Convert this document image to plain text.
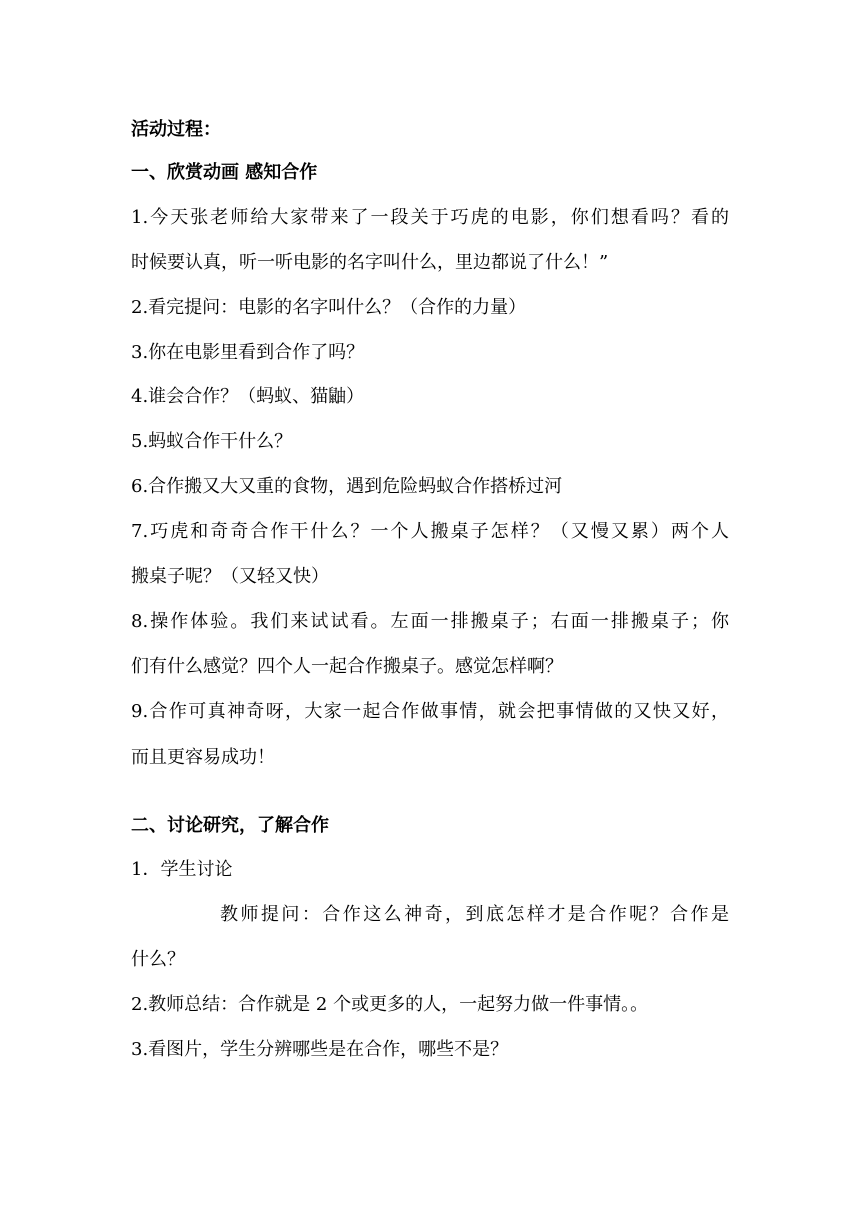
活动过程：
一、欣赏动画 感知合作
1.今天张老师给大家带来了一段关于巧虎的电影，你们想看吗？看的
时候要认真，听一听电影的名字叫什么，里边都说了什么！”
2.看完提问：电影的名字叫什么？（合作的力量）
3.你在电影里看到合作了吗？
4.谁会合作？（蚂蚁、猫鼬）
5.蚂蚁合作干什么？
6.合作搬又大又重的食物，遇到危险蚂蚁合作搭桥过河
7.巧虎和奇奇合作干什么？一个人搬桌子怎样？（又慢又累）两个人
搬桌子呢？（又轻又快）
8.操作体验。我们来试试看。左面一排搬桌子；右面一排搬桌子；你
们有什么感觉？四个人一起合作搬桌子。感觉怎样啊？
9.合作可真神奇呀，大家一起合作做事情，就会把事情做的又快又好，
而且更容易成功！
二、讨论研究，了解合作
1．学生讨论
教师提问：合作这么神奇，到底怎样才是合作呢？合作是
什么？
2.教师总结：合作就是 2 个或更多的人，一起努力做一件事情。。
3.看图片，学生分辨哪些是在合作，哪些不是？
